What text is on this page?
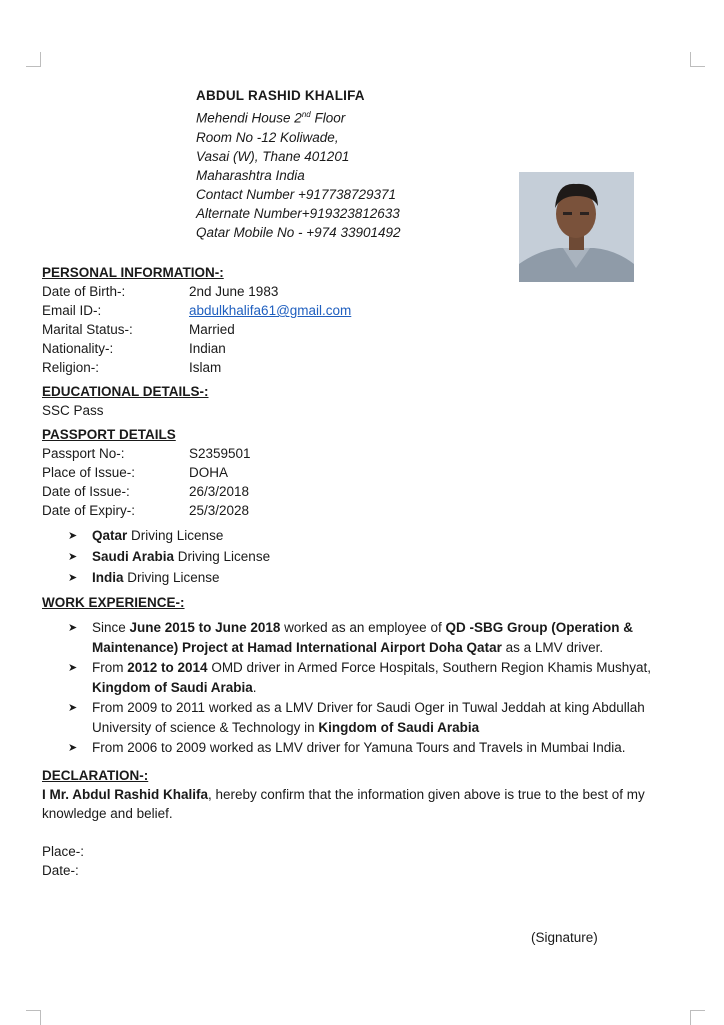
ABDUL RASHID KHALIFA
Mehendi House 2nd Floor
Room No -12 Koliwade,
Vasai (W), Thane 401201
Maharashtra India
Contact Number +917738729371
Alternate Number+919323812633
Qatar Mobile No - +974 33901492
PERSONAL INFORMATION-:
Date of Birth-:	2nd June 1983
Email ID-:	abdulkhalifa61@gmail.com
Marital Status-:	Married
Nationality-:	Indian
Religion-:	Islam
EDUCATIONAL DETAILS-:
SSC Pass
PASSPORT DETAILS
Passport No-:	S2359501
Place of Issue-:	DOHA
Date of Issue-:	26/3/2018
Date of Expiry-:	25/3/2028
➤ Qatar Driving License
➤ Saudi Arabia Driving License
➤ India Driving License
WORK EXPERIENCE-:
➤ Since June 2015 to June 2018 worked as an employee of QD -SBG Group (Operation & Maintenance) Project at Hamad International Airport Doha Qatar as a LMV driver.
➤ From 2012 to 2014 OMD driver in Armed Force Hospitals, Southern Region Khamis Mushyat, Kingdom of Saudi Arabia.
➤ From 2009 to 2011 worked as a LMV Driver for Saudi Oger in Tuwal Jeddah at king Abdullah University of science & Technology in Kingdom of Saudi Arabia
➤ From 2006 to 2009 worked as LMV driver for Yamuna Tours and Travels in Mumbai India.
DECLARATION-:
I Mr. Abdul Rashid Khalifa, hereby confirm that the information given above is true to the best of my knowledge and belief.
Place-:
Date-:
(Signature)
